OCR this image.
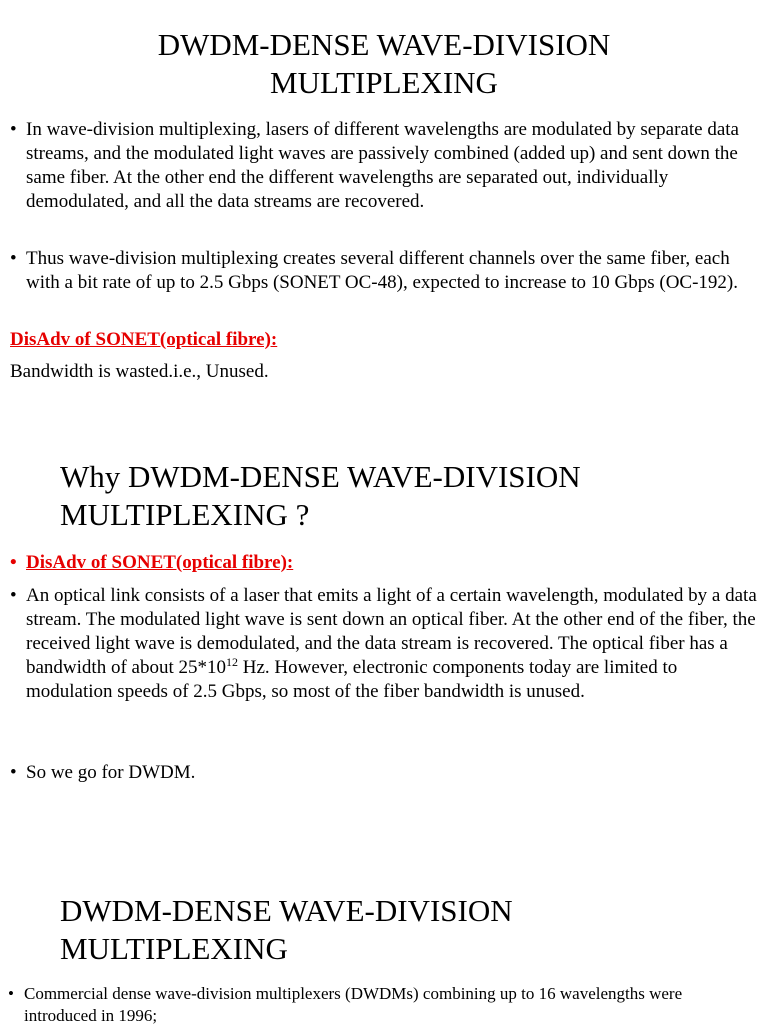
DWDM-DENSE WAVE-DIVISION MULTIPLEXING
• In wave-division multiplexing, lasers of different wavelengths are modulated by separate data streams, and the modulated light waves are passively combined (added up) and sent down the same fiber. At the other end the different wavelengths are separated out, individually demodulated, and all the data streams are recovered.
• Thus wave-division multiplexing creates several different channels over the same fiber, each with a bit rate of up to 2.5 Gbps (SONET OC-48), expected to increase to 10 Gbps (OC-192).
DisAdv of SONET(optical fibre):
Bandwidth is wasted.i.e., Unused.
Why DWDM-DENSE WAVE-DIVISION MULTIPLEXING ?
• DisAdv of SONET(optical fibre):
• An optical link consists of a laser that emits a light of a certain wavelength, modulated by a data stream. The modulated light wave is sent down an optical fiber. At the other end of the fiber, the received light wave is demodulated, and the data stream is recovered. The optical fiber has a bandwidth of about $25*10^{12}$ Hz. However, electronic components today are limited to modulation speeds of 2.5 Gbps, so most of the fiber bandwidth is unused.
• So we go for DWDM.
DWDM-DENSE WAVE-DIVISION MULTIPLEXING
• Commercial dense wave-division multiplexers (DWDMs) combining up to 16 wavelengths were introduced in 1996;
